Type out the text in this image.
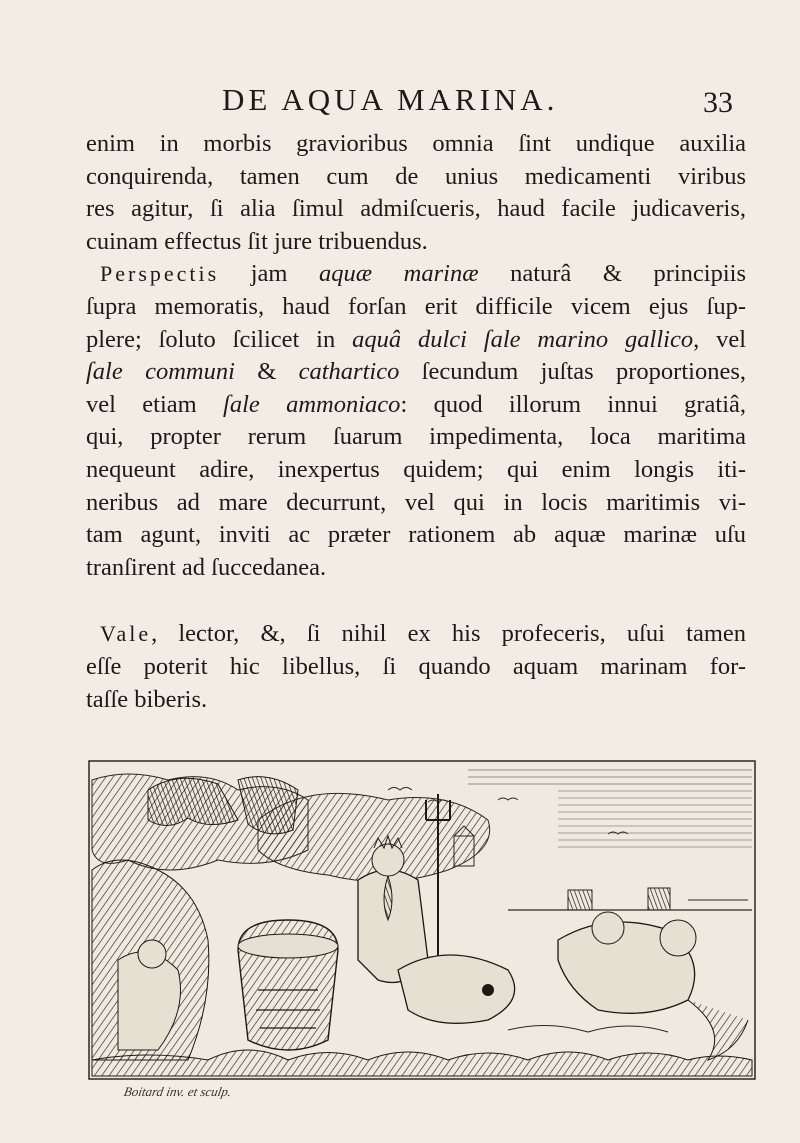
DE AQUA MARINA.	33
enim in morbis gravioribus omnia ſint undique auxilia
conquirenda, tamen cum de unius medicamenti viribus
res agitur, ſi alia ſimul admiſcueris, haud facile judicaveris,
cuinam effectus ſit jure tribuendus.
Perspectis jam aquæ marinæ naturâ & principiis
ſupra memoratis, haud forſan erit difficile vicem ejus ſup-
plere; ſoluto ſcilicet in aquâ dulci ſale marino gallico, vel
ſale communi & cathartico ſecundum juſtas proportiones,
vel etiam ſale ammoniaco: quod illorum innui gratiâ,
qui, propter rerum ſuarum impedimenta, loca maritima
nequeunt adire, inexpertus quidem; qui enim longis iti-
neribus ad mare decurrunt, vel qui in locis maritimis vi-
tam agunt, inviti ac præter rationem ab aquæ marinæ uſu
tranſirent ad ſuccedanea.
Vale, lector, &, ſi nihil ex his profeceris, uſui tamen
eſſe poterit hic libellus, ſi quando aquam marinam for-
taſſe biberis.
Boitard inv. et sculp.
